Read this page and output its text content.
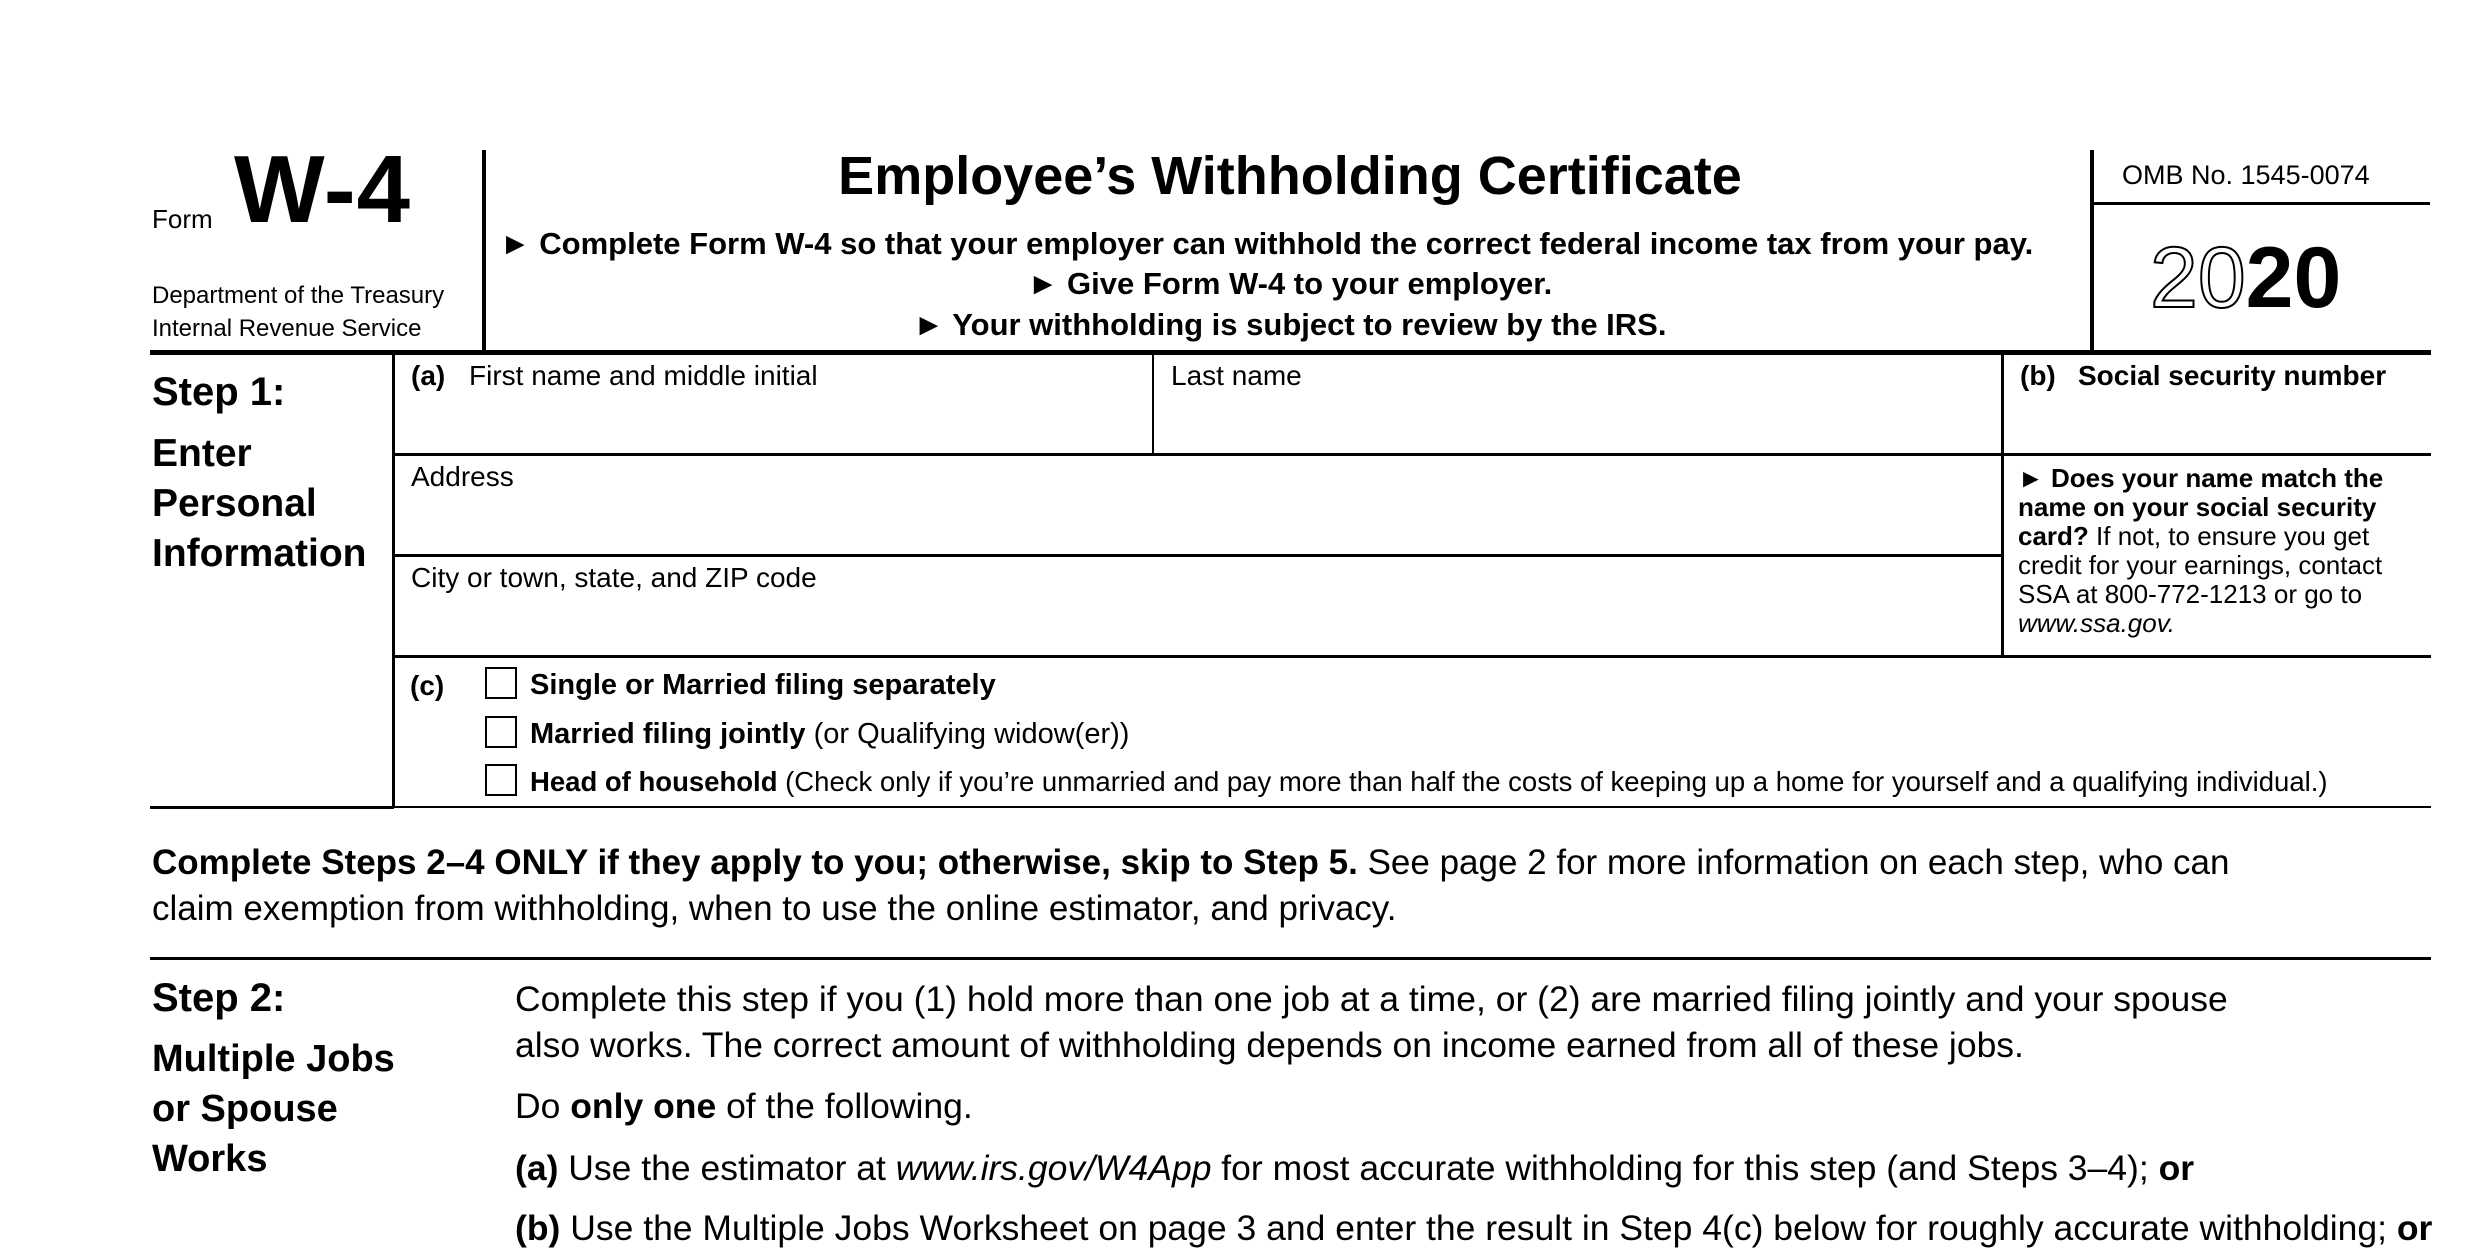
Form W-4
Department of the Treasury
Internal Revenue Service
Employee’s Withholding Certificate
► Complete Form W-4 so that your employer can withhold the correct federal income tax from your pay.
► Give Form W-4 to your employer.
► Your withholding is subject to review by the IRS.
OMB No. 1545-0074
2020
Step 1:
Enter
Personal
Information
(a) First name and middle initial	Last name	(b) Social security number
Address
City or town, state, and ZIP code
► Does your name match the
name on your social security
card? If not, to ensure you get
credit for your earnings, contact
SSA at 800-772-1213 or go to
www.ssa.gov.
(c)	Single or Married filing separately
Married filing jointly (or Qualifying widow(er))
Head of household (Check only if you’re unmarried and pay more than half the costs of keeping up a home for yourself and a qualifying individual.)
Complete Steps 2–4 ONLY if they apply to you; otherwise, skip to Step 5. See page 2 for more information on each step, who can
claim exemption from withholding, when to use the online estimator, and privacy.
Step 2:
Multiple Jobs
or Spouse
Works
Complete this step if you (1) hold more than one job at a time, or (2) are married filing jointly and your spouse
also works. The correct amount of withholding depends on income earned from all of these jobs.
Do only one of the following.
(a) Use the estimator at www.irs.gov/W4App for most accurate withholding for this step (and Steps 3–4); or
(b) Use the Multiple Jobs Worksheet on page 3 and enter the result in Step 4(c) below for roughly accurate withholding; or
